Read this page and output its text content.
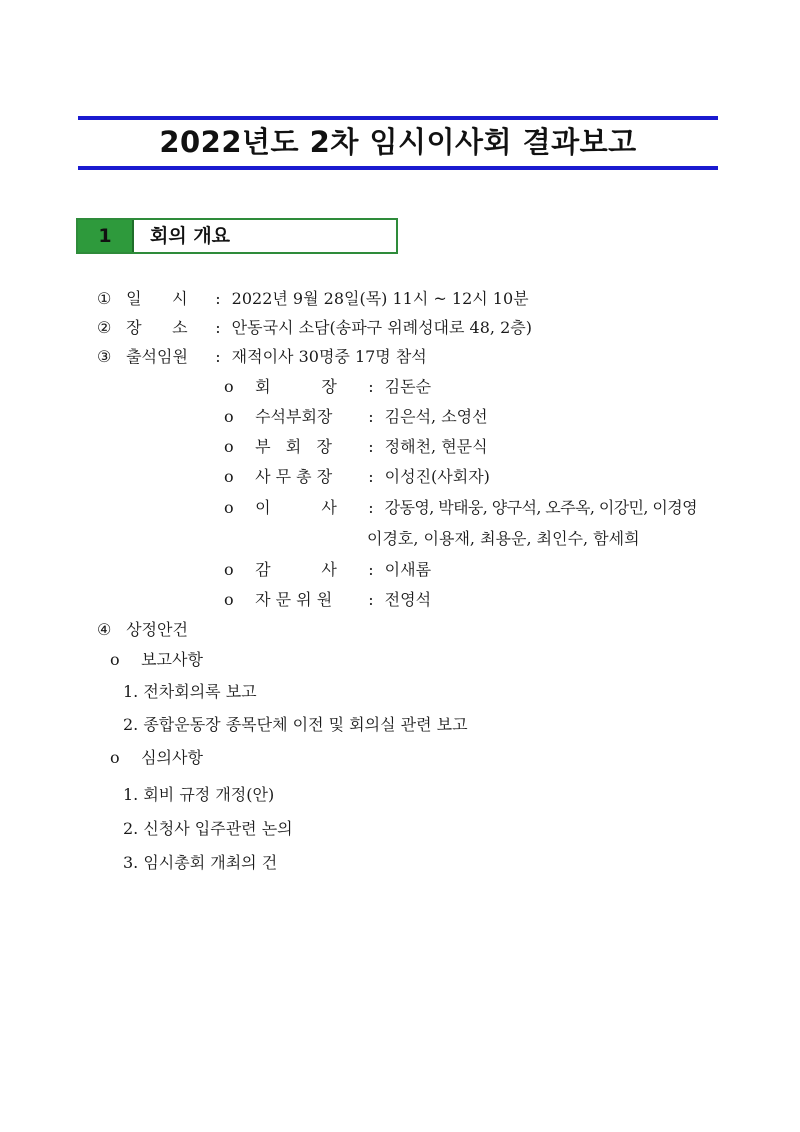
2022년도 2차 임시이사회 결과보고
1	회의 개요
① 일      시 : 2022년 9월 28일(목) 11시 ~ 12시 10분
② 장      소 : 안동국시 소담(송파구 위례성대로 48, 2층)
③ 출석임원 : 재적이사 30명중 17명 참석
o 회          장 : 김돈순
o 수석부회장 : 김은석, 소영선
o 부   회   장 : 정해천, 현문식
o 사 무 총 장 : 이성진(사회자)
o 이          사 : 강동영, 박태웅, 양구석, 오주옥, 이강민, 이경영
이경호, 이용재, 최용운, 최인수, 함세희
o 감          사 : 이새롬
o 자 문 위 원 : 전영석
④ 상정안건
o 보고사항
1. 전차회의록 보고
2. 종합운동장 종목단체 이전 및 회의실 관련 보고
o 심의사항
1. 회비 규정 개정(안)
2. 신청사 입주관련 논의
3. 임시총회 개최의 건
